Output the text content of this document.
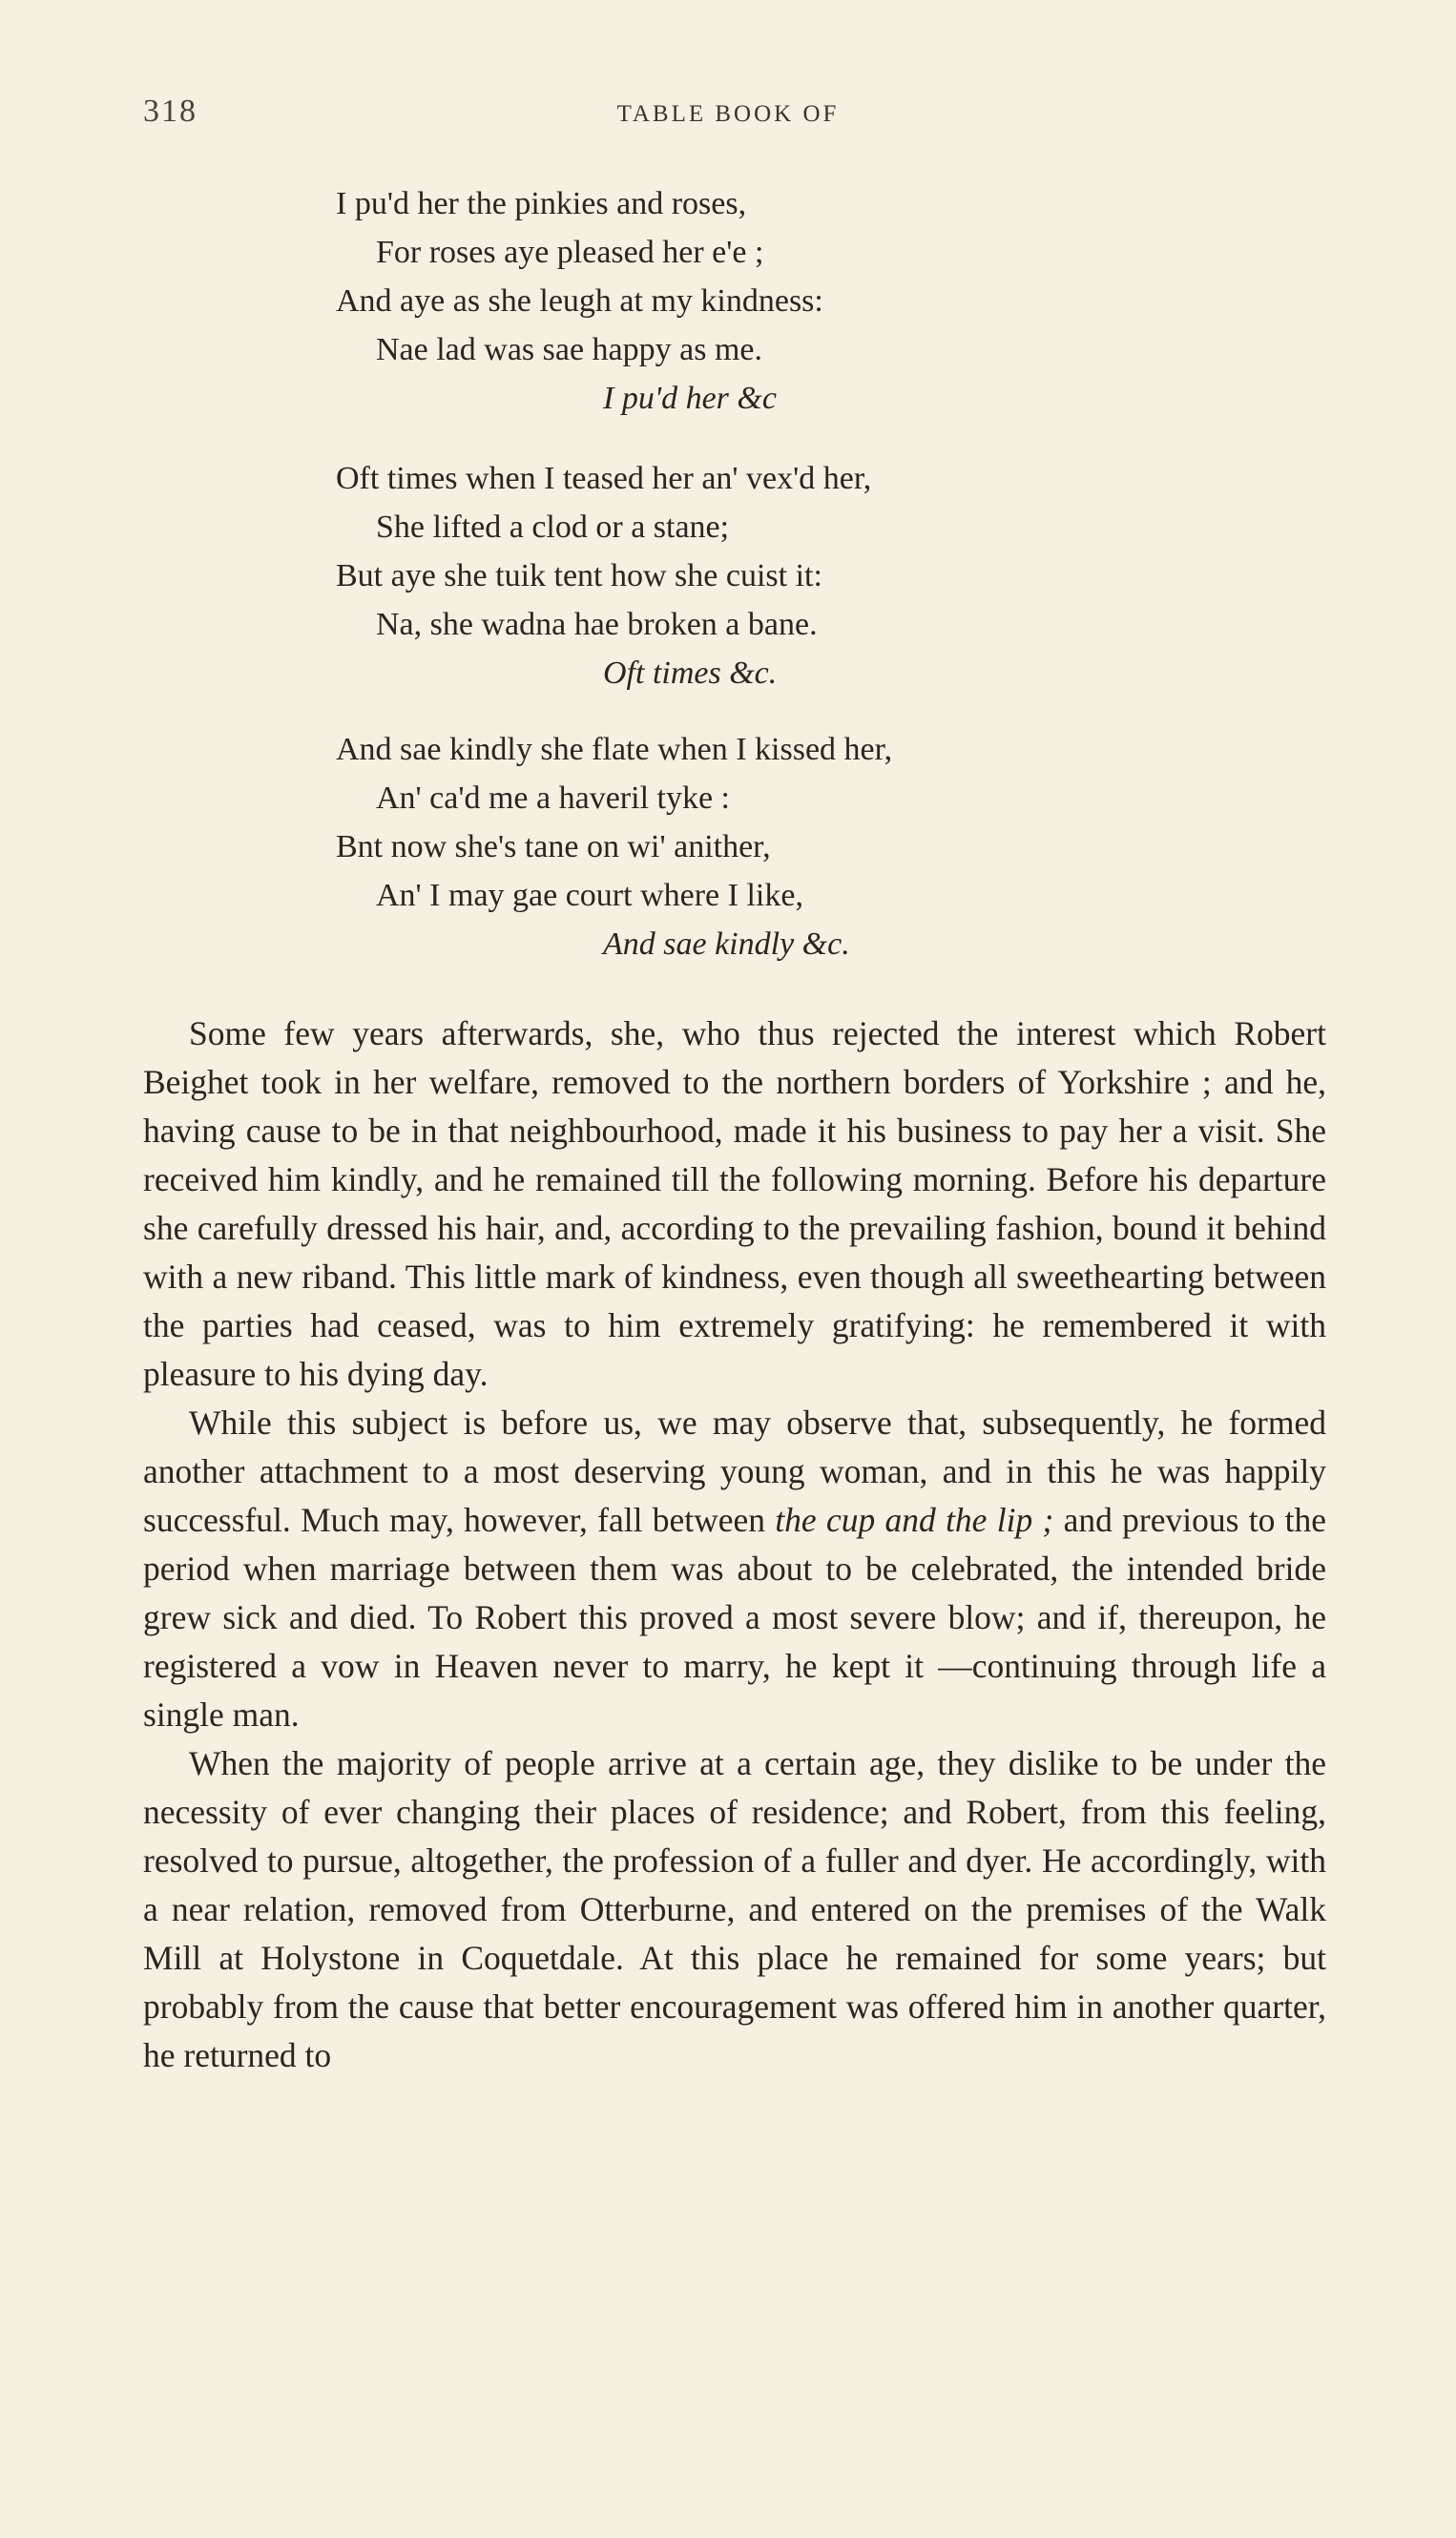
318	TABLE BOOK OF
I pu'd her the pinkies and roses,
For roses aye pleased her e'e ;
And aye as she leugh at my kindness:
Nae lad was sae happy as me.
I pu'd her &c
Oft times when I teased her an' vex'd her,
She lifted a clod or a stane;
But aye she tuik tent how she cuist it:
Na, she wadna hae broken a bane.
Oft times &c.
And sae kindly she flate when I kissed her,
An' ca'd me a haveril tyke :
Bnt now she's tane on wi' anither,
An' I may gae court where I like,
And sae kindly &c.

Some few years afterwards, she, who thus rejected the interest which Robert Beighet took in her welfare, removed to the northern borders of Yorkshire ; and he, having cause to be in that neighbourhood, made it his business to pay her a visit. She received him kindly, and he remained till the following morning. Before his departure she carefully dressed his hair, and, according to the prevailing fashion, bound it behind with a new riband. This little mark of kindness, even though all sweethearting between the parties had ceased, was to him extremely gratifying: he remembered it with pleasure to his dying day.

While this subject is before us, we may observe that, subsequently, he formed another attachment to a most deserving young woman, and in this he was happily successful. Much may, however, fall between the cup and the lip ; and previous to the period when marriage between them was about to be celebrated, the intended bride grew sick and died. To Robert this proved a most severe blow; and if, thereupon, he registered a vow in Heaven never to marry, he kept it —continuing through life a single man.

When the majority of people arrive at a certain age, they dislike to be under the necessity of ever changing their places of residence; and Robert, from this feeling, resolved to pursue, altogether, the profession of a fuller and dyer. He accordingly, with a near relation, removed from Otterburne, and entered on the premises of the Walk Mill at Holystone in Coquetdale. At this place he remained for some years; but probably from the cause that better encouragement was offered him in another quarter, he returned to
